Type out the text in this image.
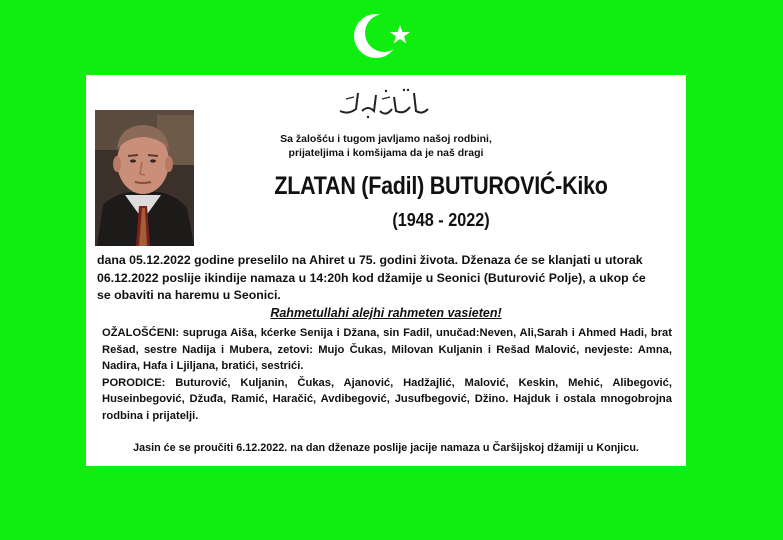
Sa žalošću i tugom javljamo našoj rodbini,
prijateljima i komšijama da je naš dragi
ZLATAN (Fadil) BUTUROVIĆ-Kiko
(1948 - 2022)
dana 05.12.2022 godine preselilo na Ahiret u 75. godini života. Dženaza će se klanjati u utorak
06.12.2022 poslije ikindije namaza u 14:20h kod džamije u Seonici (Buturović Polje), a ukop će
se obaviti na haremu u Seonici.
Rahmetullahi alejhi rahmeten vasieten!

OŽALOŠĆENI: supruga Aiša, kćerke Senija i Džana, sin Fadil, unučad:Neven, Ali,Sarah i Ahmed Hadi, brat Rešad, sestre Nadija i Mubera, zetovi: Mujo Čukas, Milovan Kuljanin i Rešad Malović, nevjeste: Amna, Nadira, Hafa i Ljiljana, bratići, sestrići.

PORODICE: Buturović, Kuljanin, Čukas, Ajanović, Hadžajlić, Malović, Keskin, Mehić, Alibegović, Huseinbegović, Džuđa, Ramić, Haračić, Avdibegović, Jusufbegović, Džino. Hajduk i ostala mnogobrojna rodbina i prijatelji.

Jasin će se proučiti 6.12.2022. na dan dženaze poslije jacije namaza u Čaršijskoj džamiji u Konjicu.
